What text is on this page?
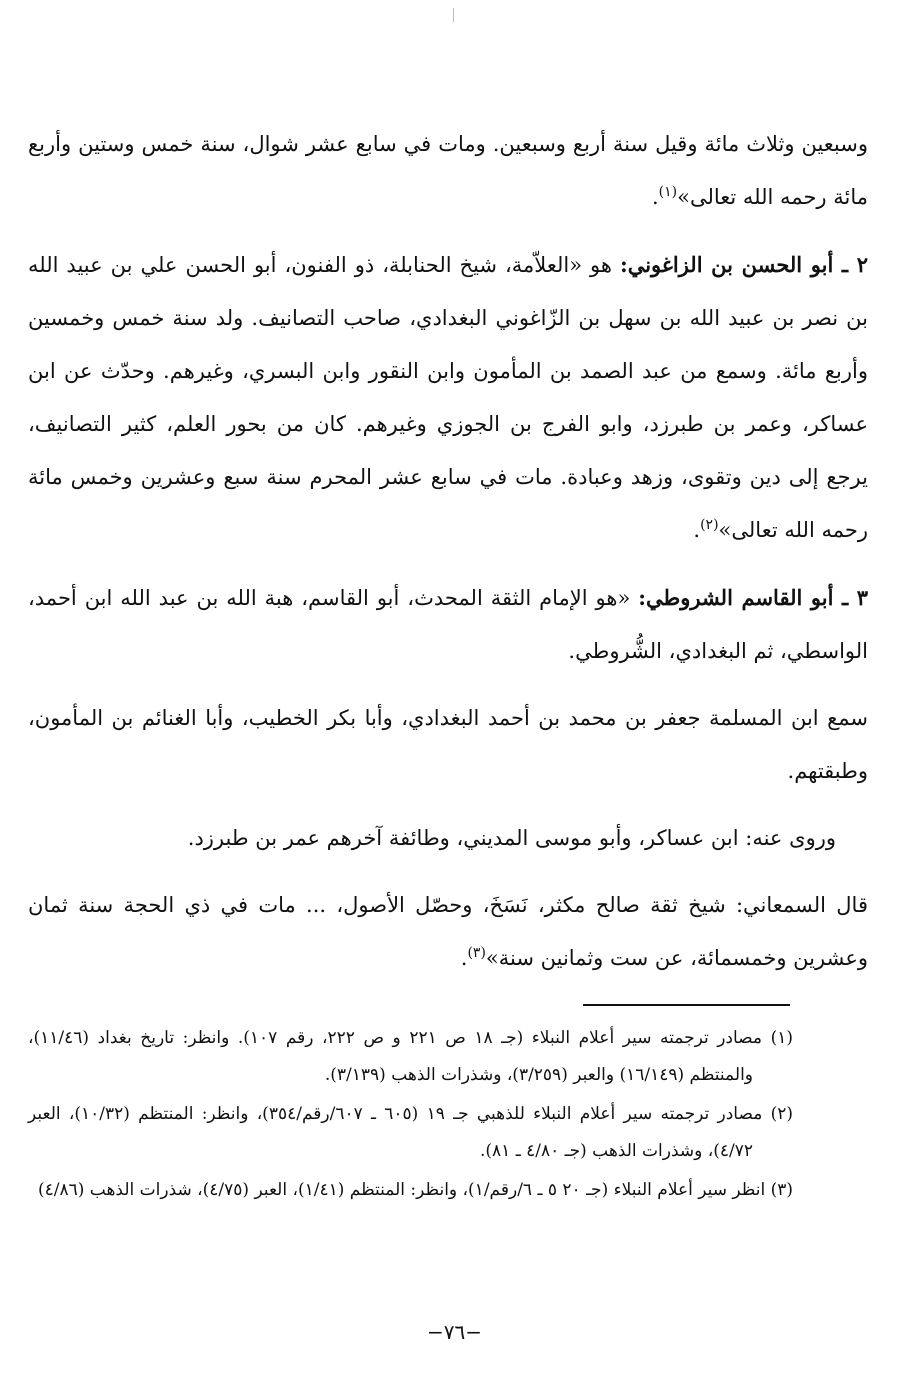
وسبعين وثلاث مائة وقيل سنة أربع وسبعين. ومات في سابع عشر شوال، سنة خمس وستين وأربع مائة رحمه الله تعالى»$^{(١)}$.

٢ ـ أبو الحسن بن الزاغوني: هو «العلاّمة، شيخ الحنابلة، ذو الفنون، أبو الحسن علي بن عبيد الله بن نصر بن عبيد الله بن سهل بن الزّاغوني البغدادي، صاحب التصانيف. ولد سنة خمس وخمسين وأربع مائة. وسمع من عبد الصمد بن المأمون وابن النقور وابن البسري، وغيرهم. وحدّث عن ابن عساكر، وعمر بن طبرزد، وابو الفرج بن الجوزي وغيرهم. كان من بحور العلم، كثير التصانيف، يرجع إلى دين وتقوى، وزهد وعبادة. مات في سابع عشر المحرم سنة سبع وعشرين وخمس مائة رحمه الله تعالى»$^{(٢)}$.

٣ ـ أبو القاسم الشروطي: «هو الإمام الثقة المحدث، أبو القاسم، هبة الله بن عبد الله ابن أحمد، الواسطي، ثم البغدادي، الشُّروطي.

سمع ابن المسلمة جعفر بن محمد بن أحمد البغدادي، وأبا بكر الخطيب، وأبا الغنائم بن المأمون، وطبقتهم.

وروى عنه: ابن عساكر، وأبو موسى المديني، وطائفة آخرهم عمر بن طبرزد.

قال السمعاني: شيخ ثقة صالح مكثر، نَسَخَ، وحصّل الأصول، ... مات في ذي الحجة سنة ثمان وعشرين وخمسمائة، عن ست وثمانين سنة»$^{(٣)}$.

(١) مصادر ترجمته سير أعلام النبلاء (جـ ١٨ ص ٢٢١ و ص ٢٢٢، رقم ١٠٧). وانظر: تاريخ بغداد (١١/٤٦)، والمنتظم (١٦/١٤٩) والعبر (٣/٢٥٩)، وشذرات الذهب (٣/١٣٩).

(٢) مصادر ترجمته سير أعلام النبلاء للذهبي جـ ١٩ (٦٠٥ ـ ٦٠٧/رقم/٣٥٤)، وانظر: المنتظم (١٠/٣٢)، العبر ٤/٧٢)، وشذرات الذهب (جـ ٤/٨٠ ـ ٨١).

(٣) انظر سير أعلام النبلاء (جـ ٢٠ ٥ ـ ٦/رقم/١)، وانظر: المنتظم (١/٤١)، العبر (٤/٧٥)، شذرات الذهب (٤/٨٦)

−٧٦−
